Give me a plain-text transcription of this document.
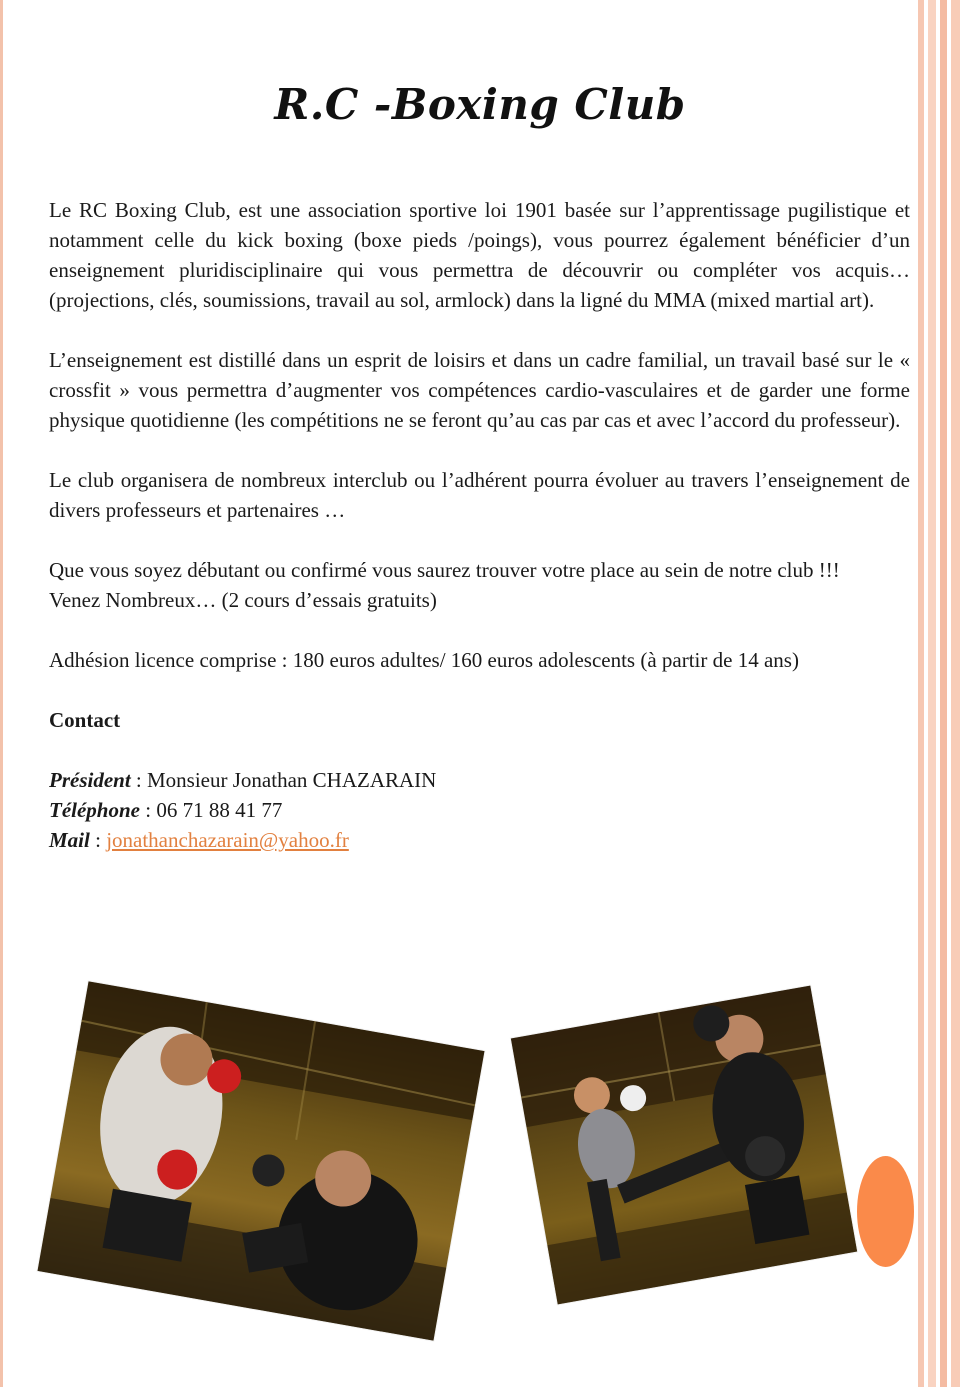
R.C -Boxing Club

Le RC Boxing Club, est une association sportive loi 1901 basée sur l’apprentissage pugilistique et notamment celle du kick boxing (boxe pieds /poings), vous pourrez également bénéficier d’un enseignement pluridisciplinaire qui vous permettra de découvrir ou compléter vos acquis… (projections, clés, soumissions, travail au sol, armlock) dans la ligné du MMA (mixed martial art).

L’enseignement est distillé dans un esprit de loisirs et dans un cadre familial, un travail basé sur le « crossfit » vous permettra d’augmenter vos compétences cardio-vasculaires et de garder une forme physique quotidienne (les compétitions ne se feront qu’au cas par cas et avec l’accord du professeur).

Le club organisera de nombreux interclub ou l’adhérent pourra évoluer au travers l’enseignement de divers professeurs et partenaires …

Que vous soyez débutant ou confirmé vous saurez trouver votre place au sein de notre club !!!

Venez Nombreux… (2 cours d’essais gratuits)

Adhésion licence comprise : 180 euros adultes/ 160 euros adolescents (à partir de 14 ans)

Contact
Président : Monsieur Jonathan CHAZARAIN
Téléphone : 06 71 88 41 77
Mail : jonathanchazarain@yahoo.fr
